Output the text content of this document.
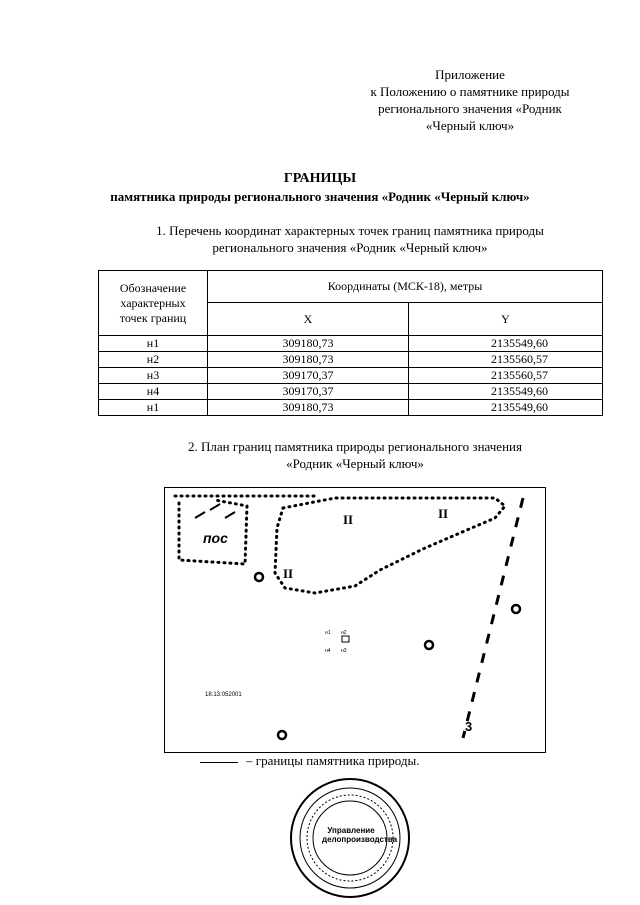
Приложение
к Положению о памятнике природы
регионального значения «Родник
«Черный ключ»
ГРАНИЦЫ
памятника природы регионального значения «Родник «Черный ключ»
1. Перечень координат характерных точек границ памятника природы
регионального значения «Родник «Черный ключ»
Обозначение
характерных
точек границ	Координаты (МСК-18), метры	
	X	Y
н1	309180,73	2135549,60
н2	309180,73	2135560,57
н3	309170,37	2135560,57
н4	309170,37	2135549,60
н1	309180,73	2135549,60
2. План границ памятника природы регионального значения
«Родник «Черный ключ»
пос
II	II
II
н1 н2
н4 н3
18:13:052001
3
– границы памятника природы.
Управление
делопроизводства
